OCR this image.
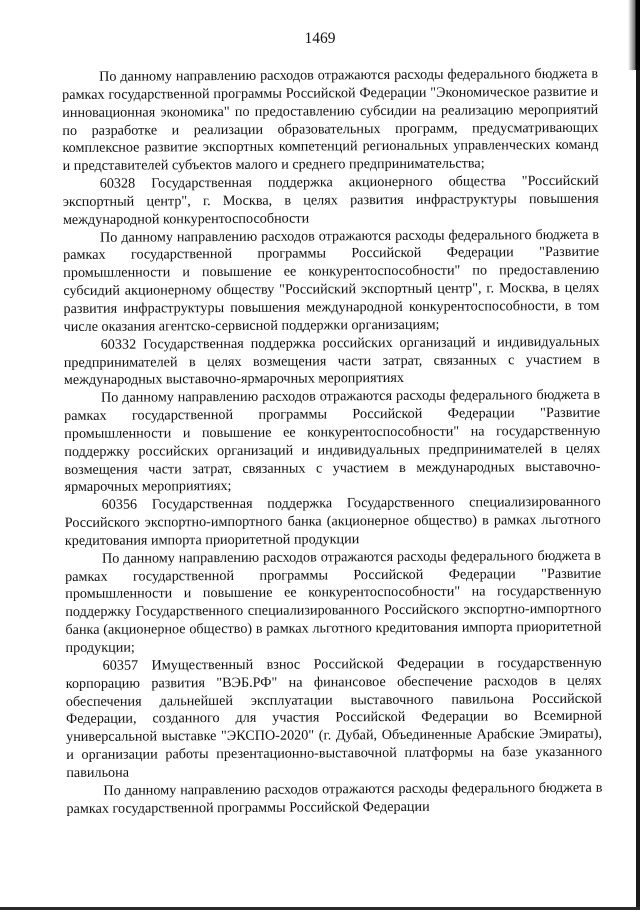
1469

По данному направлению расходов отражаются расходы федерального бюджета в рамках государственной программы Российской Федерации "Экономическое развитие и инновационная экономика" по предоставлению субсидии на реализацию мероприятий по разработке и реализации образовательных программ, предусматривающих комплексное развитие экспортных компетенций региональных управленческих команд и представителей субъектов малого и среднего предпринимательства;

60328 Государственная поддержка акционерного общества "Российский экспортный центр", г. Москва, в целях развития инфраструктуры повышения международной конкурентоспособности

По данному направлению расходов отражаются расходы федерального бюджета в рамках государственной программы Российской Федерации "Развитие промышленности и повышение ее конкурентоспособности" по предоставлению субсидий акционерному обществу "Российский экспортный центр", г. Москва, в целях развития инфраструктуры повышения международной конкурентоспособности, в том числе оказания агентско-сервисной поддержки организациям;

60332 Государственная поддержка российских организаций и индивидуальных предпринимателей в целях возмещения части затрат, связанных с участием в международных выставочно-ярмарочных мероприятиях

По данному направлению расходов отражаются расходы федерального бюджета в рамках государственной программы Российской Федерации "Развитие промышленности и повышение ее конкурентоспособности" на государственную поддержку российских организаций и индивидуальных предпринимателей в целях возмещения части затрат, связанных с участием в международных выставочно-ярмарочных мероприятиях;

60356 Государственная поддержка Государственного специализированного Российского экспортно-импортного банка (акционерное общество) в рамках льготного кредитования импорта приоритетной продукции

По данному направлению расходов отражаются расходы федерального бюджета в рамках государственной программы Российской Федерации "Развитие промышленности и повышение ее конкурентоспособности" на государственную поддержку Государственного специализированного Российского экспортно-импортного банка (акционерное общество) в рамках льготного кредитования импорта приоритетной продукции;

60357 Имущественный взнос Российской Федерации в государственную корпорацию развития "ВЭБ.РФ" на финансовое обеспечение расходов в целях обеспечения дальнейшей эксплуатации выставочного павильона Российской Федерации, созданного для участия Российской Федерации во Всемирной универсальной выставке "ЭКСПО-2020" (г. Дубай, Объединенные Арабские Эмираты), и организации работы презентационно-выставочной платформы на базе указанного павильона

По данному направлению расходов отражаются расходы федерального бюджета в рамках государственной программы Российской Федерации
